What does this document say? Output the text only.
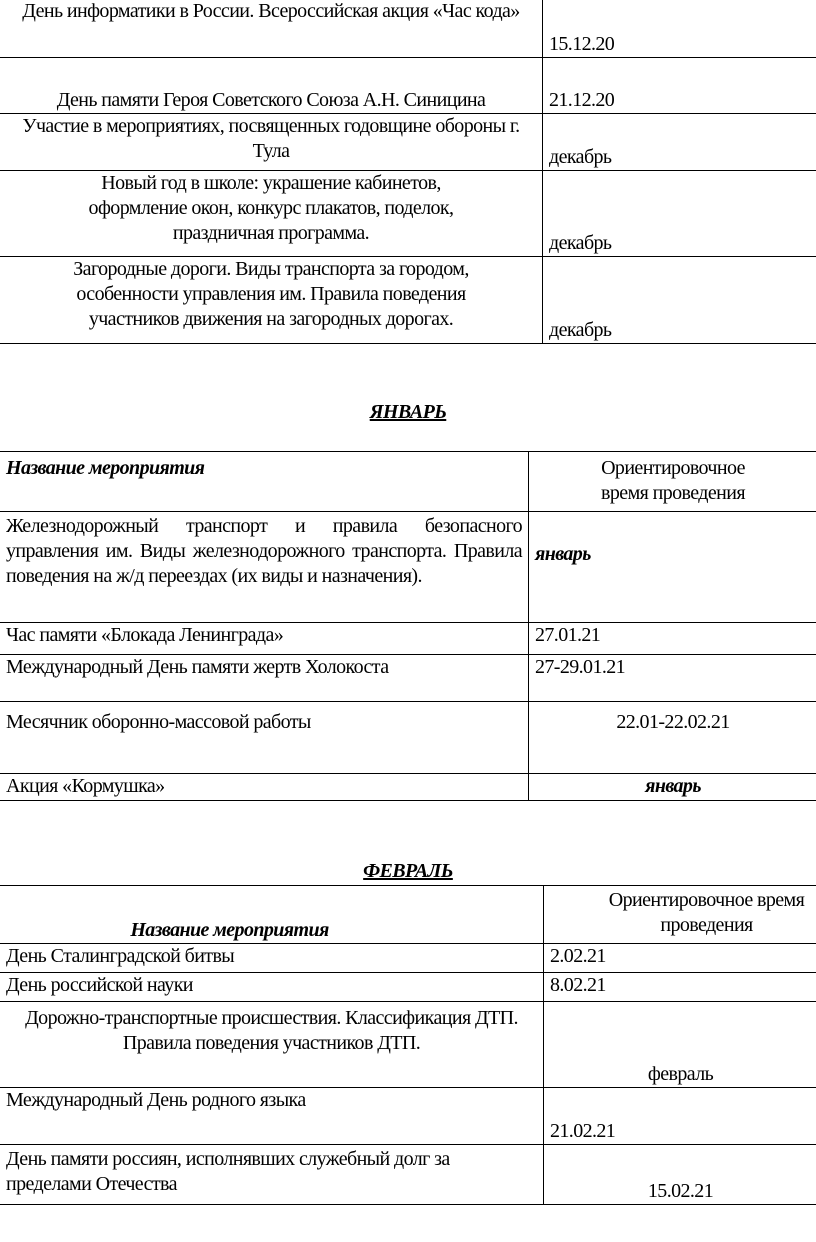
День информатики в России. Всероссийская акция «Час кода»	15.12.20
День памяти Героя Советского Союза А.Н. Синицина	21.12.20
Участие в мероприятиях, посвященных годовщине обороны г. Тула	декабрь
Новый год в школе: украшение кабинетов, оформление окон, конкурс плакатов, поделок, праздничная программа.	декабрь
Загородные дороги. Виды транспорта за городом, особенности управления им. Правила поведения участников движения на загородных дорогах.	декабрь
ЯНВАРЬ
Название мероприятия	Ориентировочное время проведения
Железнодорожный транспорт и правила безопасного управления им. Виды железнодорожного транспорта. Правила поведения на ж/д переездах (их виды и назначения).	январь
Час памяти «Блокада Ленинграда»	27.01.21
Международный День памяти жертв Холокоста	27-29.01.21
Месячник оборонно-массовой работы	22.01-22.02.21
Акция «Кормушка»	январь
ФЕВРАЛЬ
Название мероприятия	Ориентировочное время проведения
День Сталинградской битвы	2.02.21
День российской науки	8.02.21
Дорожно-транспортные происшествия. Классификация ДТП. Правила поведения участников ДТП.	февраль
Международный День родного языка	21.02.21
День памяти россиян, исполнявших служебный долг за пределами Отечества	15.02.21
